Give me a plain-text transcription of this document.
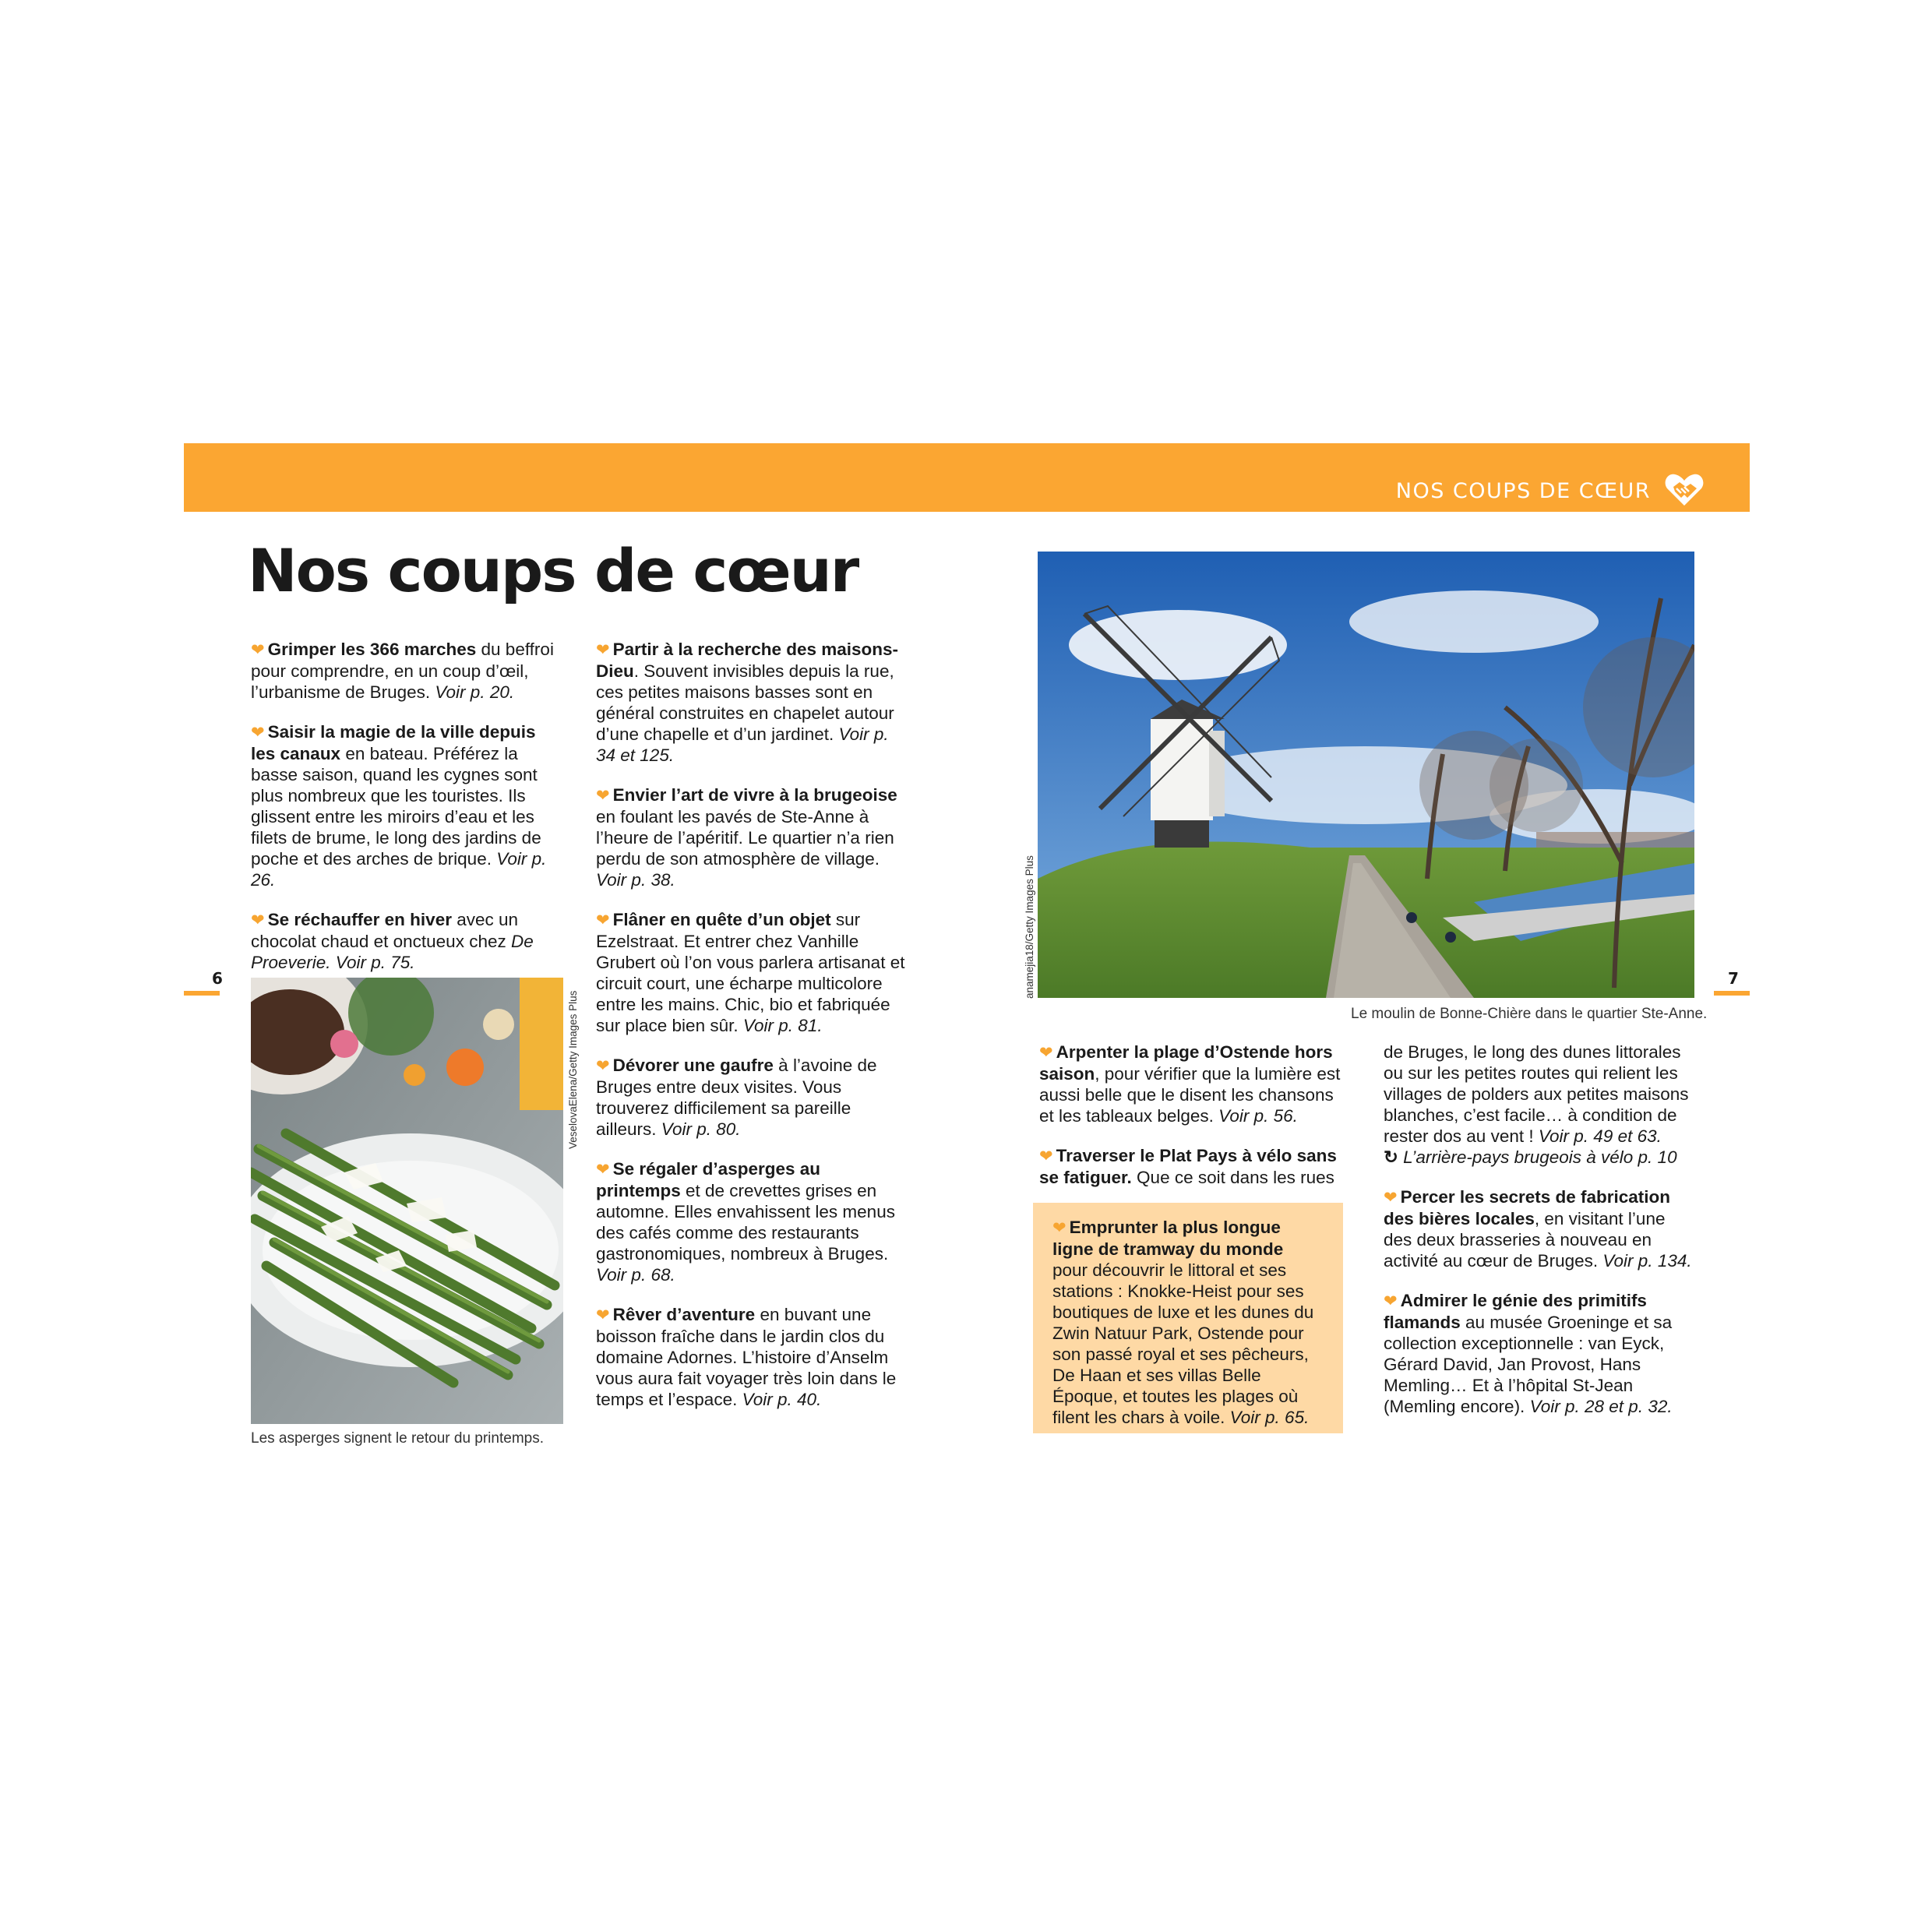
NOS COUPS DE CŒUR
Nos coups de cœur

❤ Grimper les 366 marches du beffroi pour comprendre, en un coup d’œil, l’urbanisme de Bruges. Voir p. 20.

❤ Saisir la magie de la ville depuis les canaux en bateau. Préférez la basse saison, quand les cygnes sont plus nombreux que les touristes. Ils glissent entre les miroirs d’eau et les filets de brume, le long des jardins de poche et des arches de brique. Voir p. 26.

❤ Se réchauffer en hiver avec un chocolat chaud et onctueux chez De Proeverie. Voir p. 75.

6
VeselovaElena/Getty Images Plus
Les asperges signent le retour du printemps.

❤ Partir à la recherche des maisons-Dieu. Souvent invisibles depuis la rue, ces petites maisons basses sont en général construites en chapelet autour d’une chapelle et d’un jardinet. Voir p. 34 et 125.

❤ Envier l’art de vivre à la brugeoise en foulant les pavés de Ste-Anne à l’heure de l’apéritif. Le quartier n’a rien perdu de son atmosphère de village. Voir p. 38.

❤ Flâner en quête d’un objet sur Ezelstraat. Et entrer chez Vanhille Grubert où l’on vous parlera artisanat et circuit court, une écharpe multicolore entre les mains. Chic, bio et fabriquée sur place bien sûr. Voir p. 81.

❤ Dévorer une gaufre à l’avoine de Bruges entre deux visites. Vous trouverez difficilement sa pareille ailleurs. Voir p. 80.

❤ Se régaler d’asperges au printemps et de crevettes grises en automne. Elles envahissent les menus des cafés comme des restaurants gastronomiques, nombreux à Bruges. Voir p. 68.

❤ Rêver d’aventure en buvant une boisson fraîche dans le jardin clos du domaine Adornes. L’histoire d’Anselm vous aura fait voyager très loin dans le temps et l’espace. Voir p. 40.

anamejia18/Getty Images Plus
Le moulin de Bonne-Chière dans le quartier Ste-Anne.
7

❤ Arpenter la plage d’Ostende hors saison, pour vérifier que la lumière est aussi belle que le disent les chansons et les tableaux belges. Voir p. 56.

❤ Traverser le Plat Pays à vélo sans se fatiguer. Que ce soit dans les rues

❤ Emprunter la plus longue ligne de tramway du monde pour découvrir le littoral et ses stations : Knokke-Heist pour ses boutiques de luxe et les dunes du Zwin Natuur Park, Ostende pour son passé royal et ses pêcheurs, De Haan et ses villas Belle Époque, et toutes les plages où filent les chars à voile. Voir p. 65.

de Bruges, le long des dunes littorales ou sur les petites routes qui relient les villages de polders aux petites maisons blanches, c’est facile… à condition de rester dos au vent ! Voir p. 49 et 63.
↻ L’arrière-pays brugeois à vélo p. 10

❤ Percer les secrets de fabrication des bières locales, en visitant l’une des deux brasseries à nouveau en activité au cœur de Bruges. Voir p. 134.

❤ Admirer le génie des primitifs flamands au musée Groeninge et sa collection exceptionnelle : van Eyck, Gérard David, Jan Provost, Hans Memling… Et à l’hôpital St-Jean (Memling encore). Voir p. 28 et p. 32.
